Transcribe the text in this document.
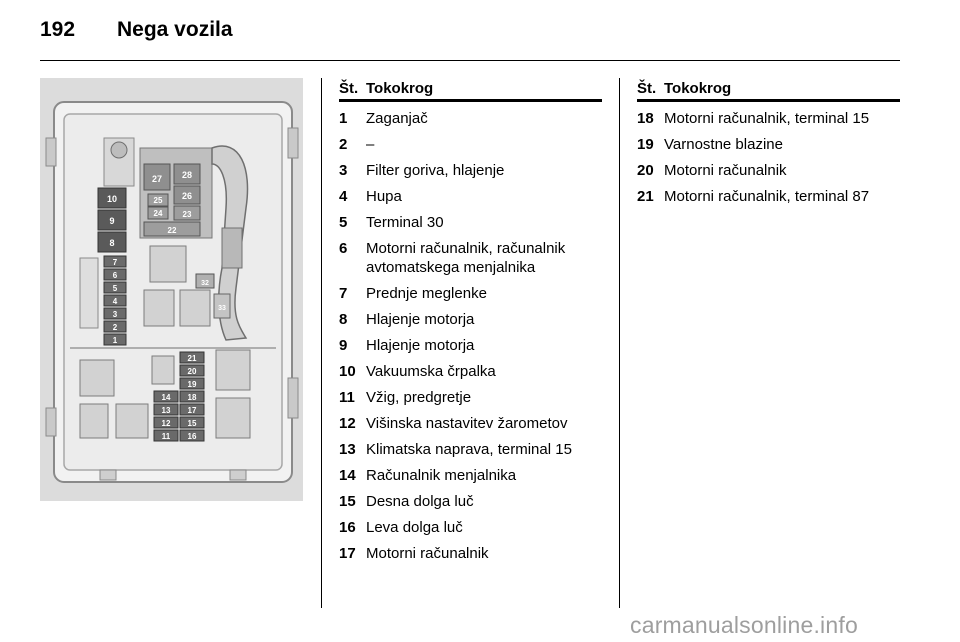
192 Nega vozila
27 28
26
25
24	23
22
10
9
8
7
6
5
4
3
2
1
32
33
21
20
19
14 18
13 17
12 15
11 16
Št. Tokokrog
1	Zaganjač
2	–
3	Filter goriva, hlajenje
4	Hupa
5	Terminal 30
6	Motorni računalnik, računalnik avtomatskega menjalnika
7	Prednje meglenke
8	Hlajenje motorja
9	Hlajenje motorja
10 Vakuumska črpalka
11 Vžig, predgretje
12 Višinska nastavitev žarometov
13 Klimatska naprava, terminal 15
14 Računalnik menjalnika
15 Desna dolga luč
16 Leva dolga luč
17 Motorni računalnik
Št. Tokokrog
18 Motorni računalnik, terminal 15
19 Varnostne blazine
20 Motorni računalnik
21 Motorni računalnik, terminal 87
carmanualsonline.info
